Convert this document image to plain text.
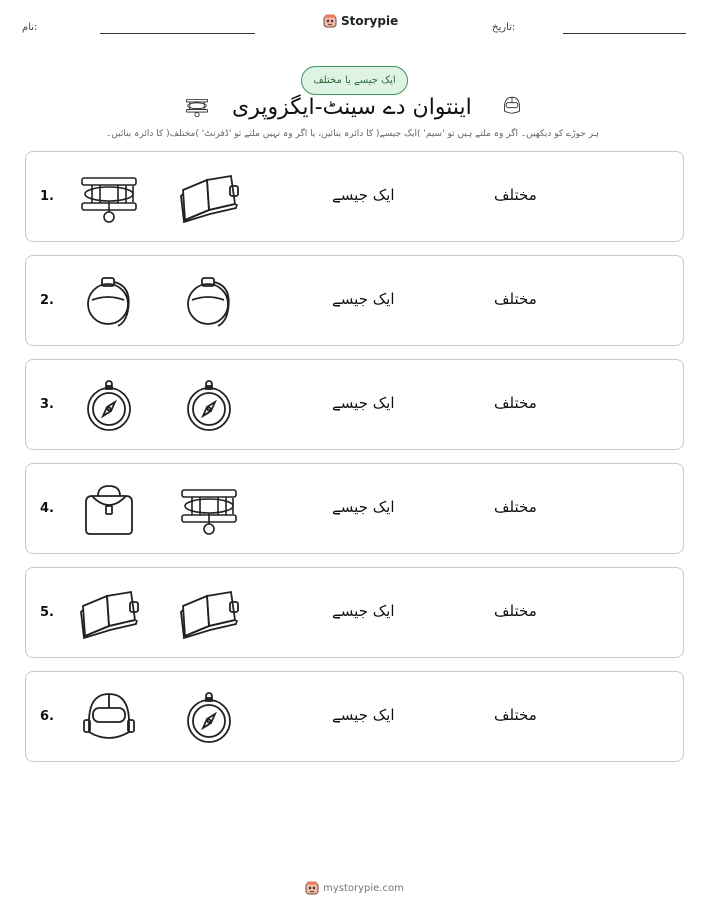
نام:	Storypie	تاریخ:
ایک جیسے یا مختلف
اینتوان دے سینٹ-ایگزوپری
ہر جوڑے کو دیکھیں۔ اگر وہ ملتے ہیں تو 'سیم' )ایک جیسے( کا دائرہ بنائیں، یا اگر وہ نہیں ملتے تو 'ڈفرنٹ' )مختلف( کا دائرہ بنائیں۔
1.	ایک جیسے	مختلف
2.	ایک جیسے	مختلف
3.	ایک جیسے	مختلف
4.	ایک جیسے	مختلف
5.	ایک جیسے	مختلف
6.	ایک جیسے	مختلف
mystorypie.com
